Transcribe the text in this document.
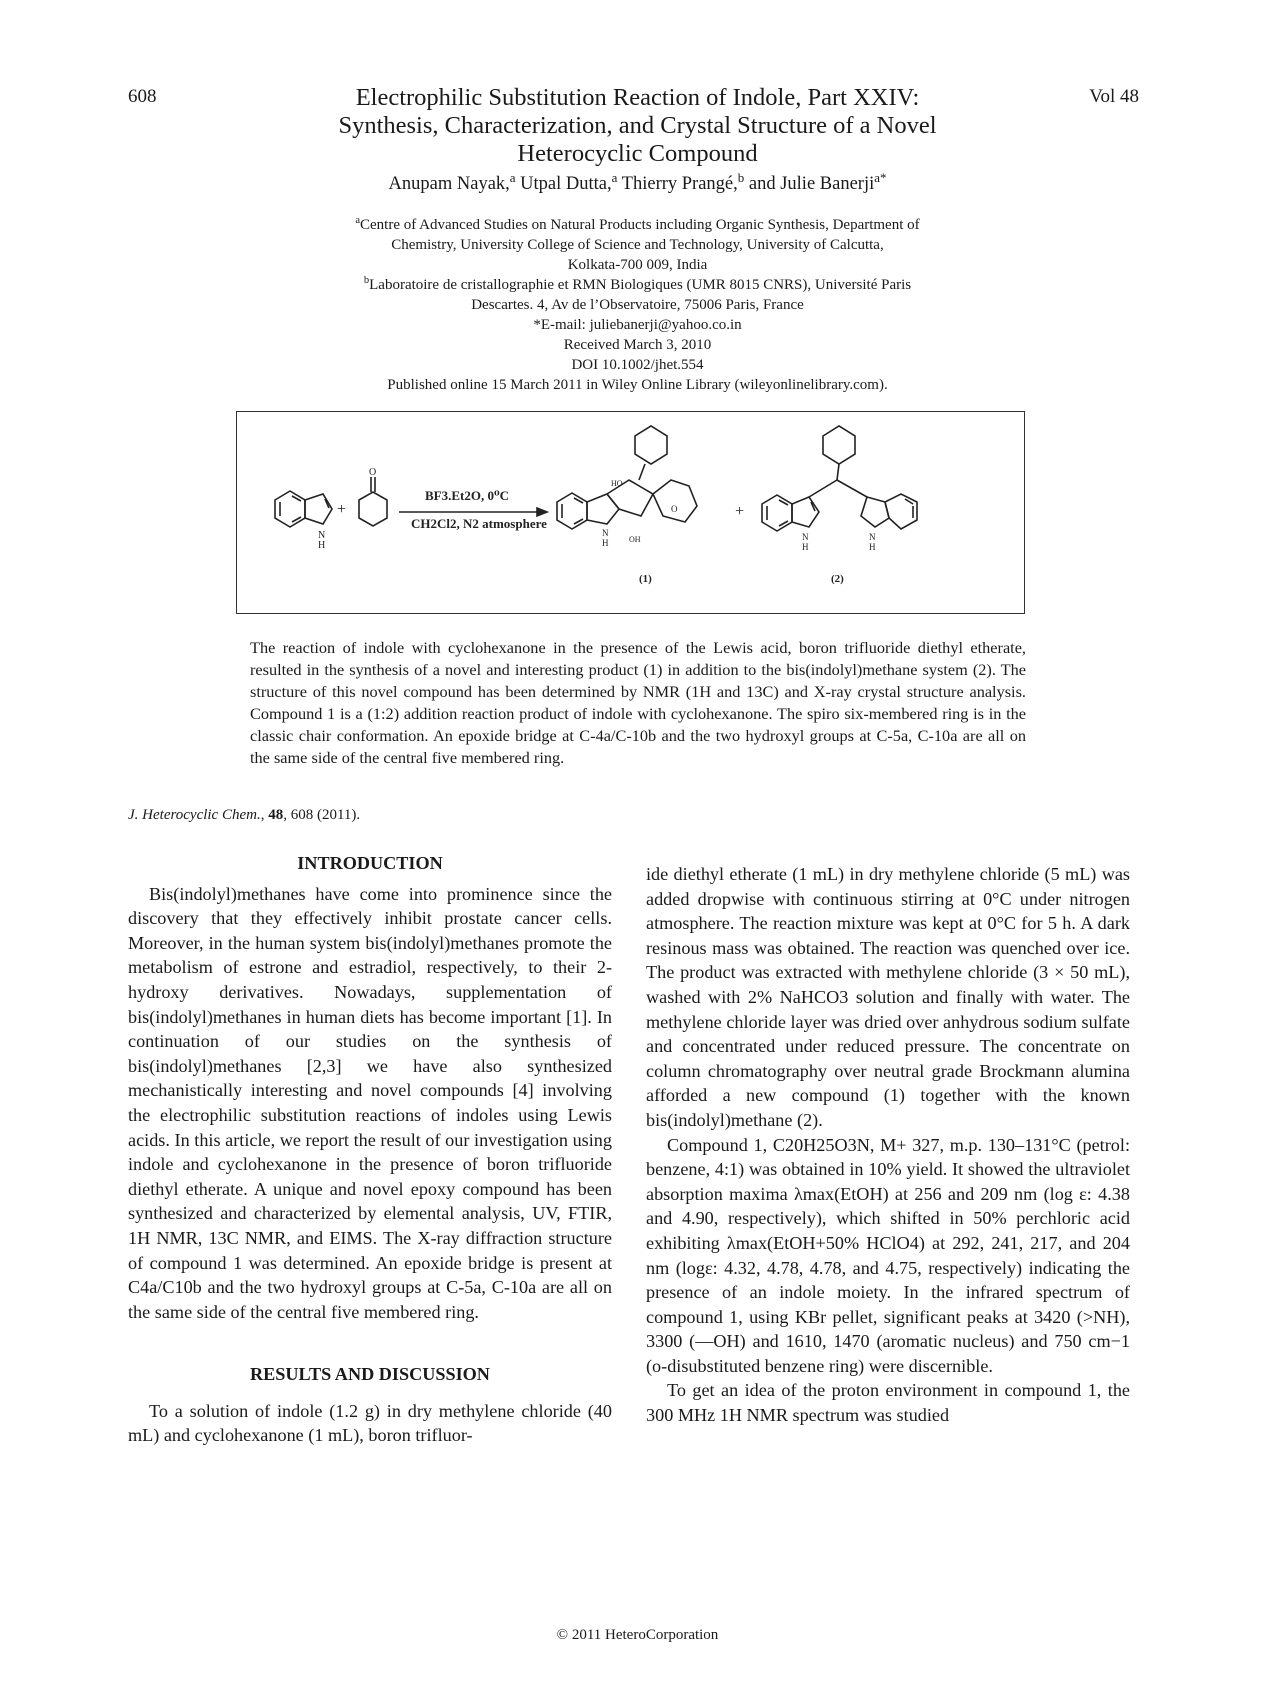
608	Vol 48
Electrophilic Substitution Reaction of Indole, Part XXIV:
Synthesis, Characterization, and Crystal Structure of a Novel
Heterocyclic Compound
Anupam Nayak,$^a$ Utpal Dutta,$^a$ Thierry Prangé,$^b$ and Julie Banerji$^{a*}$
$^a$Centre of Advanced Studies on Natural Products including Organic Synthesis, Department of
Chemistry, University College of Science and Technology, University of Calcutta,
Kolkata-700 009, India
$^b$Laboratoire de cristallographie et RMN Biologiques (UMR 8015 CNRS), Université Paris
Descartes. 4, Av de l’Observatoire, 75006 Paris, France
*E-mail: juliebanerji@yahoo.co.in
Received March 3, 2010
DOI 10.1002/jhet.554
Published online 15 March 2011 in Wiley Online Library (wileyonlinelibrary.com).
N
H
+
O
BF3.Et2O, 0⁰C
CH2Cl2, N2 atmosphere
HO
OH
O
N
H
(1)
+
N
H
N
H
(2)
The reaction of indole with cyclohexanone in the presence of the Lewis acid, boron trifluoride diethyl etherate, resulted in the synthesis of a novel and interesting product (1) in addition to the bis(indolyl)methane system (2). The structure of this novel compound has been determined by NMR (1H and 13C) and X-ray crystal structure analysis. Compound 1 is a (1:2) addition reaction product of indole with cyclohexanone. The spiro six-membered ring is in the classic chair conformation. An epoxide bridge at C-4a/C-10b and the two hydroxyl groups at C-5a, C-10a are all on the same side of the central five membered ring.
J. Heterocyclic Chem., 48, 608 (2011).
INTRODUCTION

Bis(indolyl)methanes have come into prominence since the discovery that they effectively inhibit prostate cancer cells. Moreover, in the human system bis(indolyl)methanes promote the metabolism of estrone and estradiol, respectively, to their 2-hydroxy derivatives. Nowadays, supplementation of bis(indolyl)methanes in human diets has become important [1]. In continuation of our studies on the synthesis of bis(indolyl)methanes [2,3] we have also synthesized mechanistically interesting and novel compounds [4] involving the electrophilic substitution reactions of indoles using Lewis acids. In this article, we report the result of our investigation using indole and cyclohexanone in the presence of boron trifluoride diethyl etherate. A unique and novel epoxy compound has been synthesized and characterized by elemental analysis, UV, FTIR, 1H NMR, 13C NMR, and EIMS. The X-ray diffraction structure of compound 1 was determined. An epoxide bridge is present at C4a/C10b and the two hydroxyl groups at C-5a, C-10a are all on the same side of the central five membered ring.

RESULTS AND DISCUSSION

To a solution of indole (1.2 g) in dry methylene chloride (40 mL) and cyclohexanone (1 mL), boron trifluor-

ide diethyl etherate (1 mL) in dry methylene chloride (5 mL) was added dropwise with continuous stirring at 0°C under nitrogen atmosphere. The reaction mixture was kept at 0°C for 5 h. A dark resinous mass was obtained. The reaction was quenched over ice. The product was extracted with methylene chloride (3 × 50 mL), washed with 2% NaHCO3 solution and finally with water. The methylene chloride layer was dried over anhydrous sodium sulfate and concentrated under reduced pressure. The concentrate on column chromatography over neutral grade Brockmann alumina afforded a new compound (1) together with the known bis(indolyl)methane (2).

Compound 1, C20H25O3N, M+ 327, m.p. 130–131°C (petrol: benzene, 4:1) was obtained in 10% yield. It showed the ultraviolet absorption maxima λmax(EtOH) at 256 and 209 nm (log ε: 4.38 and 4.90, respectively), which shifted in 50% perchloric acid exhibiting λmax(EtOH+50% HClO4) at 292, 241, 217, and 204 nm (logε: 4.32, 4.78, 4.78, and 4.75, respectively) indicating the presence of an indole moiety. In the infrared spectrum of compound 1, using KBr pellet, significant peaks at 3420 (>NH), 3300 (—OH) and 1610, 1470 (aromatic nucleus) and 750 cm−1 (o-disubstituted benzene ring) were discernible.

To get an idea of the proton environment in compound 1, the 300 MHz 1H NMR spectrum was studied

© 2011 HeteroCorporation
